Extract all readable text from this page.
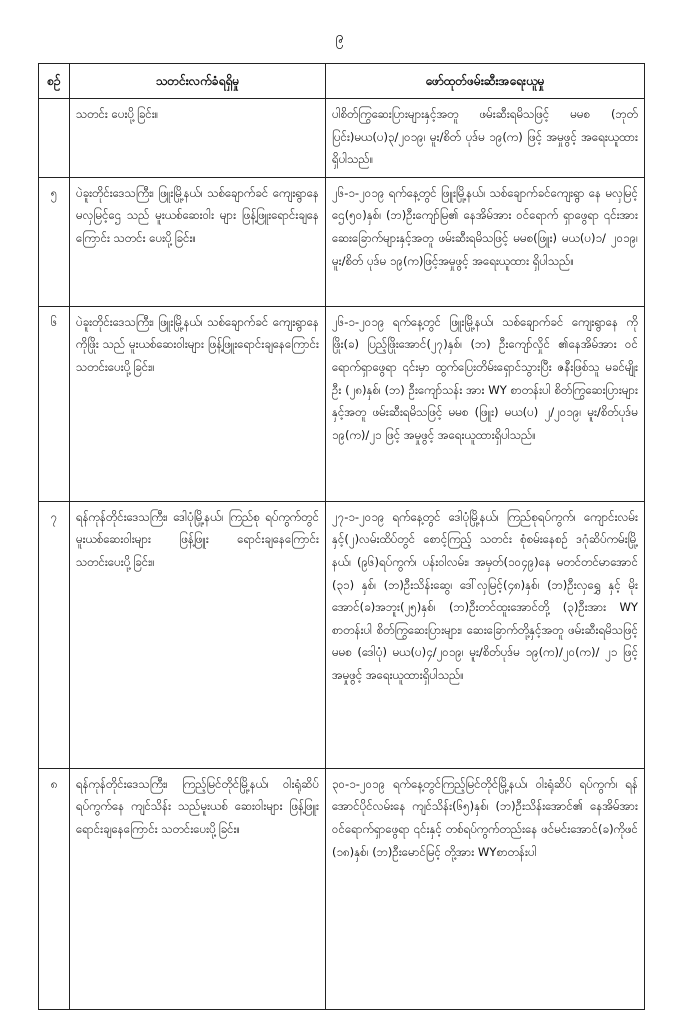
၉
စဉ်	သတင်းလက်ခံရရှိမှု	ဖော်ထုတ်ဖမ်းဆီးအရေးယူမှု

	သတင်း ပေးပို့ခြင်း။	ပါစိတ်ကြွဆေးပြားများနှင့်အတူ ဖမ်းဆီးရမိသဖြင့် မမစ (ဘုတ်ပြင်း)မယ(ပ)၃/၂၀၁၉၊ မူး/စိတ် ပုဒ်မ ၁၉(က) ဖြင့် အမှုဖွင့် အရေးယူထားရှိပါသည်။

၅	ပဲခူးတိုင်းဒေသကြီး၊ ဖြူးမြို့နယ်၊ သစ်ချောက်ခင် ကျေးရွာနေ မလှမြင့်ဌေ သည် မူးယစ်ဆေးဝါး များ ဖြန့်ဖြူးရောင်းချနေကြောင်း သတင်း ပေးပို့ခြင်း။	၂၆-၁-၂၀၁၉ ရက်နေ့တွင် ဖြူးမြို့နယ်၊ သစ်ချောက်ခင်ကျေးရွာ နေ မလှမြင့်ဌေ(၅၀)နှစ်၊ (ဘ)ဦးကျော်မြ၏ နေအိမ်အား ဝင်ရောက် ရှာဖွေရာ ၎င်းအား ဆေးခြောက်များနှင့်အတူ ဖမ်းဆီးရမိသဖြင့် မမစ(ဖြူး) မယ(ပ)၁/ ၂၀၁၉၊ မူး/စိတ် ပုဒ်မ ၁၉(က)ဖြင့်အမှုဖွင့် အရေးယူထား ရှိပါသည်။

၆	ပဲခူးတိုင်းဒေသကြီး၊ ဖြူးမြို့နယ်၊ သစ်ချောက်ခင် ကျေးရွာနေ ကိုဖြိုး သည် မူးယစ်ဆေးဝါးများ ဖြန့်ဖြူးရောင်းချနေကြောင်း သတင်းပေးပို့ခြင်း။	၂၆-၁-၂၀၁၉ ရက်နေ့တွင် ဖြူးမြို့နယ်၊ သစ်ချောက်ခင် ကျေးရွာနေ ကိုဖြိုး(ခ) ပြည့်ဖြိုးအောင်(၂၇)နှစ်၊ (ဘ) ဦးကျော်လှိုင် ၏နေအိမ်အား ဝင်ရောက်ရှာဖွေရာ ၎င်းမှာ ထွက်ပြေးတိမ်းရှောင်သွားပြီး ဇနီးဖြစ်သူ မခင်မျိုးဦး (၂၈)နှစ်၊ (ဘ) ဦးကျော်သန်း အား WY စာတန်းပါ စိတ်ကြွဆေးပြားများနှင့်အတူ ဖမ်းဆီးရမိသဖြင့် မမစ (ဖြူး) မယ(ပ) ၂/၂၀၁၉၊ မူး/စိတ်ပုဒ်မ ၁၉(က)/၂၁ ဖြင့် အမှုဖွင့် အရေးယူထားရှိပါသည်။

၇	ရန်ကုန်တိုင်းဒေသကြီး၊ ဒေါပုံမြို့နယ်၊ ကြည်စု ရပ်ကွက်တွင် မူးယစ်ဆေးဝါးများ ဖြန့်ဖြူး ရောင်းချနေကြောင်း သတင်းပေးပို့ခြင်း။	၂၇-၁-၂၀၁၉ ရက်နေ့တွင် ဒေါပုံမြို့နယ်၊ ကြည်စုရပ်ကွက်၊ ကျောင်းလမ်းနှင့်(၂)လမ်းထိပ်တွင် စောင့်ကြည့် သတင်း စုံစမ်းနေစဉ် ဒဂုံဆိပ်ကမ်းမြို့နယ်၊ (၉၆)ရပ်ကွက်၊ ပန်းဝါလမ်း၊ အမှတ်(၁၀၄၉)နေ မတင်တင်မာအောင် (၃၁) နှစ်၊ (ဘ)ဦးသိန်းဆွေ၊ ဒေါ်လှမြင့်(၄၈)နှစ်၊ (ဘ)ဦးလှရွှေ နှင့် မိုးအောင်(ခ)အဘူး(၂၅)နှစ်၊ (ဘ)ဦးတင်ထူးအောင်တို့ (၃)ဦးအား WY စာတန်းပါ စိတ်ကြွဆေးပြားများ၊ ဆေးခြောက်တို့နှင့်အတူ ဖမ်းဆီးရမိသဖြင့် မမစ (ဒေါပုံ) မယ(ပ)၄/၂၀၁၉၊ မူး/စိတ်ပုဒ်မ ၁၉(က)/၂၀(က)/ ၂၁ ဖြင့် အမှုဖွင့် အရေးယူထားရှိပါသည်။

၈	ရန်ကုန်တိုင်းဒေသကြီး၊ ကြည့်မြင်တိုင်မြို့နယ်၊ ဝါးရုံဆိပ်ရပ်ကွက်နေ ကျင်သိန်း သည်မူးယစ် ဆေးဝါးများ ဖြန့်ဖြူးရောင်းချနေကြောင်း သတင်းပေးပို့ခြင်း။	၃၀-၁-၂၀၁၉ ရက်နေ့တွင်ကြည့်မြင်တိုင်မြို့နယ်၊ ဝါးရုံဆိပ် ရပ်ကွက်၊ ရန်အောင်ပိုင်လမ်းနေ ကျင်သိန်း(၆၅)နှစ်၊ (ဘ)ဦးသိန်းအောင်၏ နေအိမ်အား ဝင်ရောက်ရှာဖွေရာ ၎င်းနှင့် တစ်ရပ်ကွက်တည်းနေ ဖင်မင်းအောင်(ခ)ကိုဖင် (၁၈)နှစ်၊ (ဘ)ဦးမောင်မြင့် တို့အား WYစာတန်းပါ
